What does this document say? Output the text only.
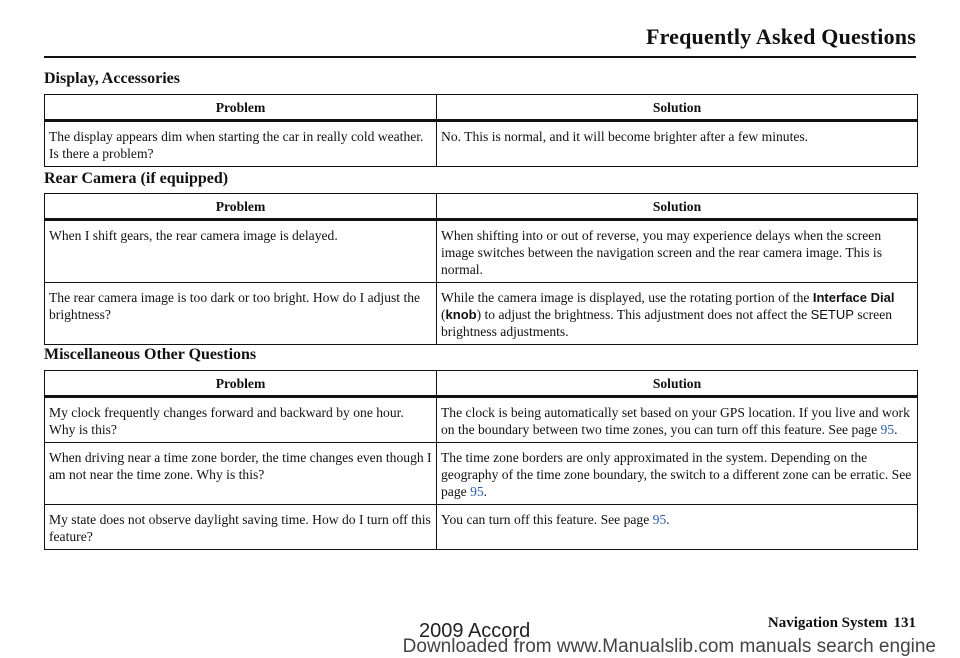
Frequently Asked Questions
Display, Accessories
Problem	Solution
The display appears dim when starting the car in really cold weather. Is there a problem?	No. This is normal, and it will become brighter after a few minutes.
Rear Camera (if equipped)
Problem	Solution
When I shift gears, the rear camera image is delayed.	When shifting into or out of reverse, you may experience delays when the screen image switches between the navigation screen and the rear camera image. This is normal.
The rear camera image is too dark or too bright. How do I adjust the brightness?	While the camera image is displayed, use the rotating portion of the Interface Dial (knob) to adjust the brightness. This adjustment does not affect the SETUP screen brightness adjustments.
Miscellaneous Other Questions
Problem	Solution
My clock frequently changes forward and backward by one hour. Why is this?	The clock is being automatically set based on your GPS location. If you live and work on the boundary between two time zones, you can turn off this feature. See page 95.
When driving near a time zone border, the time changes even though I am not near the time zone. Why is this?	The time zone borders are only approximated in the system. Depending on the geography of the time zone boundary, the switch to a different zone can be erratic. See page 95.
My state does not observe daylight saving time. How do I turn off this feature?	You can turn off this feature. See page 95.
Navigation System 131
2009 Accord
Downloaded from www.Manualslib.com manuals search engine
